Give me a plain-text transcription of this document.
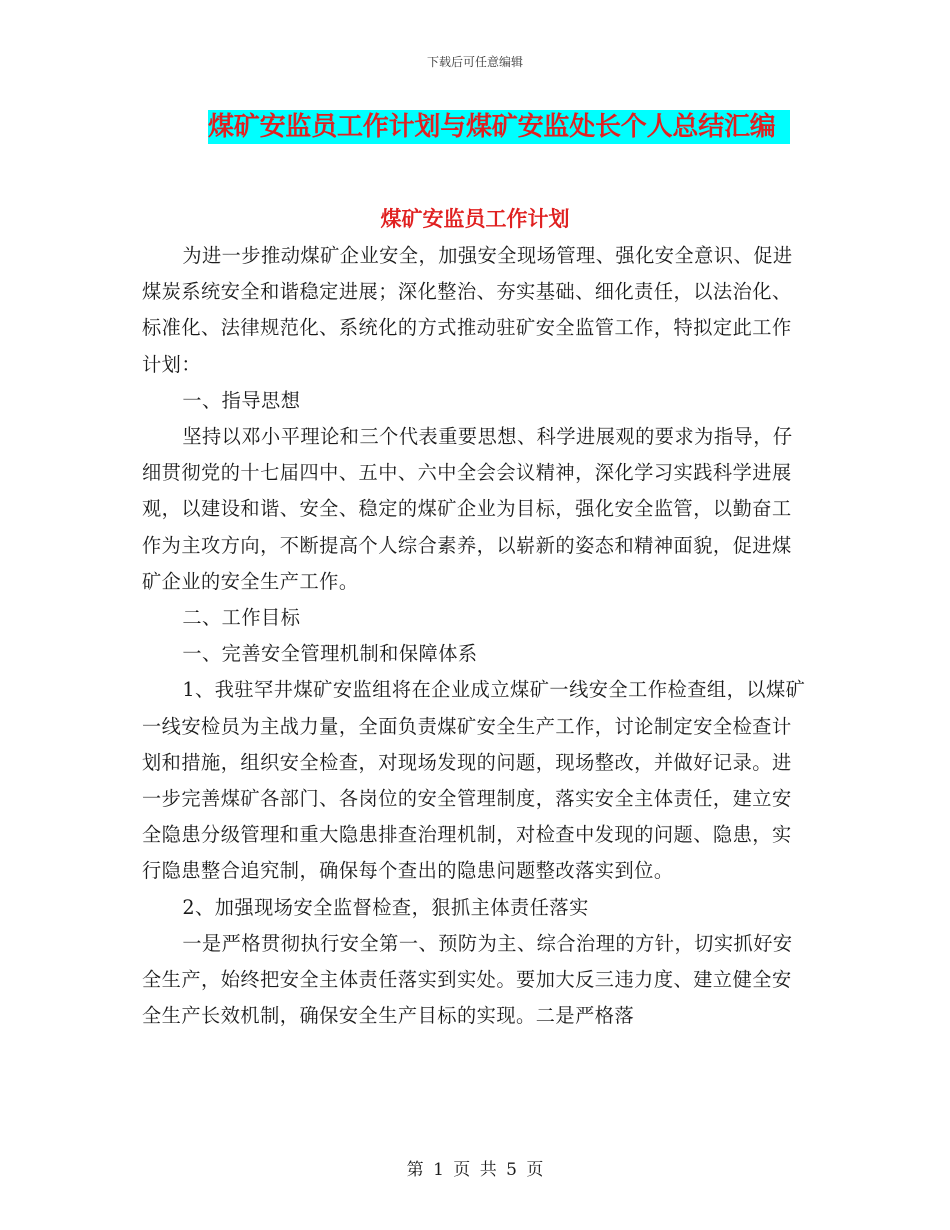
下载后可任意编辑
煤矿安监员工作计划与煤矿安监处长个人总结汇编
煤矿安监员工作计划

为进一步推动煤矿企业安全，加强安全现场管理、强化安全意识、促进煤炭系统安全和谐稳定进展；深化整治、夯实基础、细化责任，以法治化、标准化、法律规范化、系统化的方式推动驻矿安全监管工作，特拟定此工作计划：

一、指导思想

坚持以邓小平理论和三个代表重要思想、科学进展观的要求为指导，仔细贯彻党的十七届四中、五中、六中全会会议精神，深化学习实践科学进展观，以建设和谐、安全、稳定的煤矿企业为目标，强化安全监管，以勤奋工作为主攻方向，不断提高个人综合素养，以崭新的姿态和精神面貌，促进煤矿企业的安全生产工作。

二、工作目标

一、完善安全管理机制和保障体系

1、我驻罕井煤矿安监组将在企业成立煤矿一线安全工作检查组，以煤矿一线安检员为主战力量，全面负责煤矿安全生产工作，讨论制定安全检查计划和措施，组织安全检查，对现场发现的问题，现场整改，并做好记录。进一步完善煤矿各部门、各岗位的安全管理制度，落实安全主体责任，建立安全隐患分级管理和重大隐患排查治理机制，对检查中发现的问题、隐患，实行隐患整合追究制，确保每个查出的隐患问题整改落实到位。

2、加强现场安全监督检查，狠抓主体责任落实

一是严格贯彻执行安全第一、预防为主、综合治理的方针，切实抓好安全生产，始终把安全主体责任落实到实处。要加大反三违力度、建立健全安全生产长效机制，确保安全生产目标的实现。二是严格落

第 1 页 共 5 页
